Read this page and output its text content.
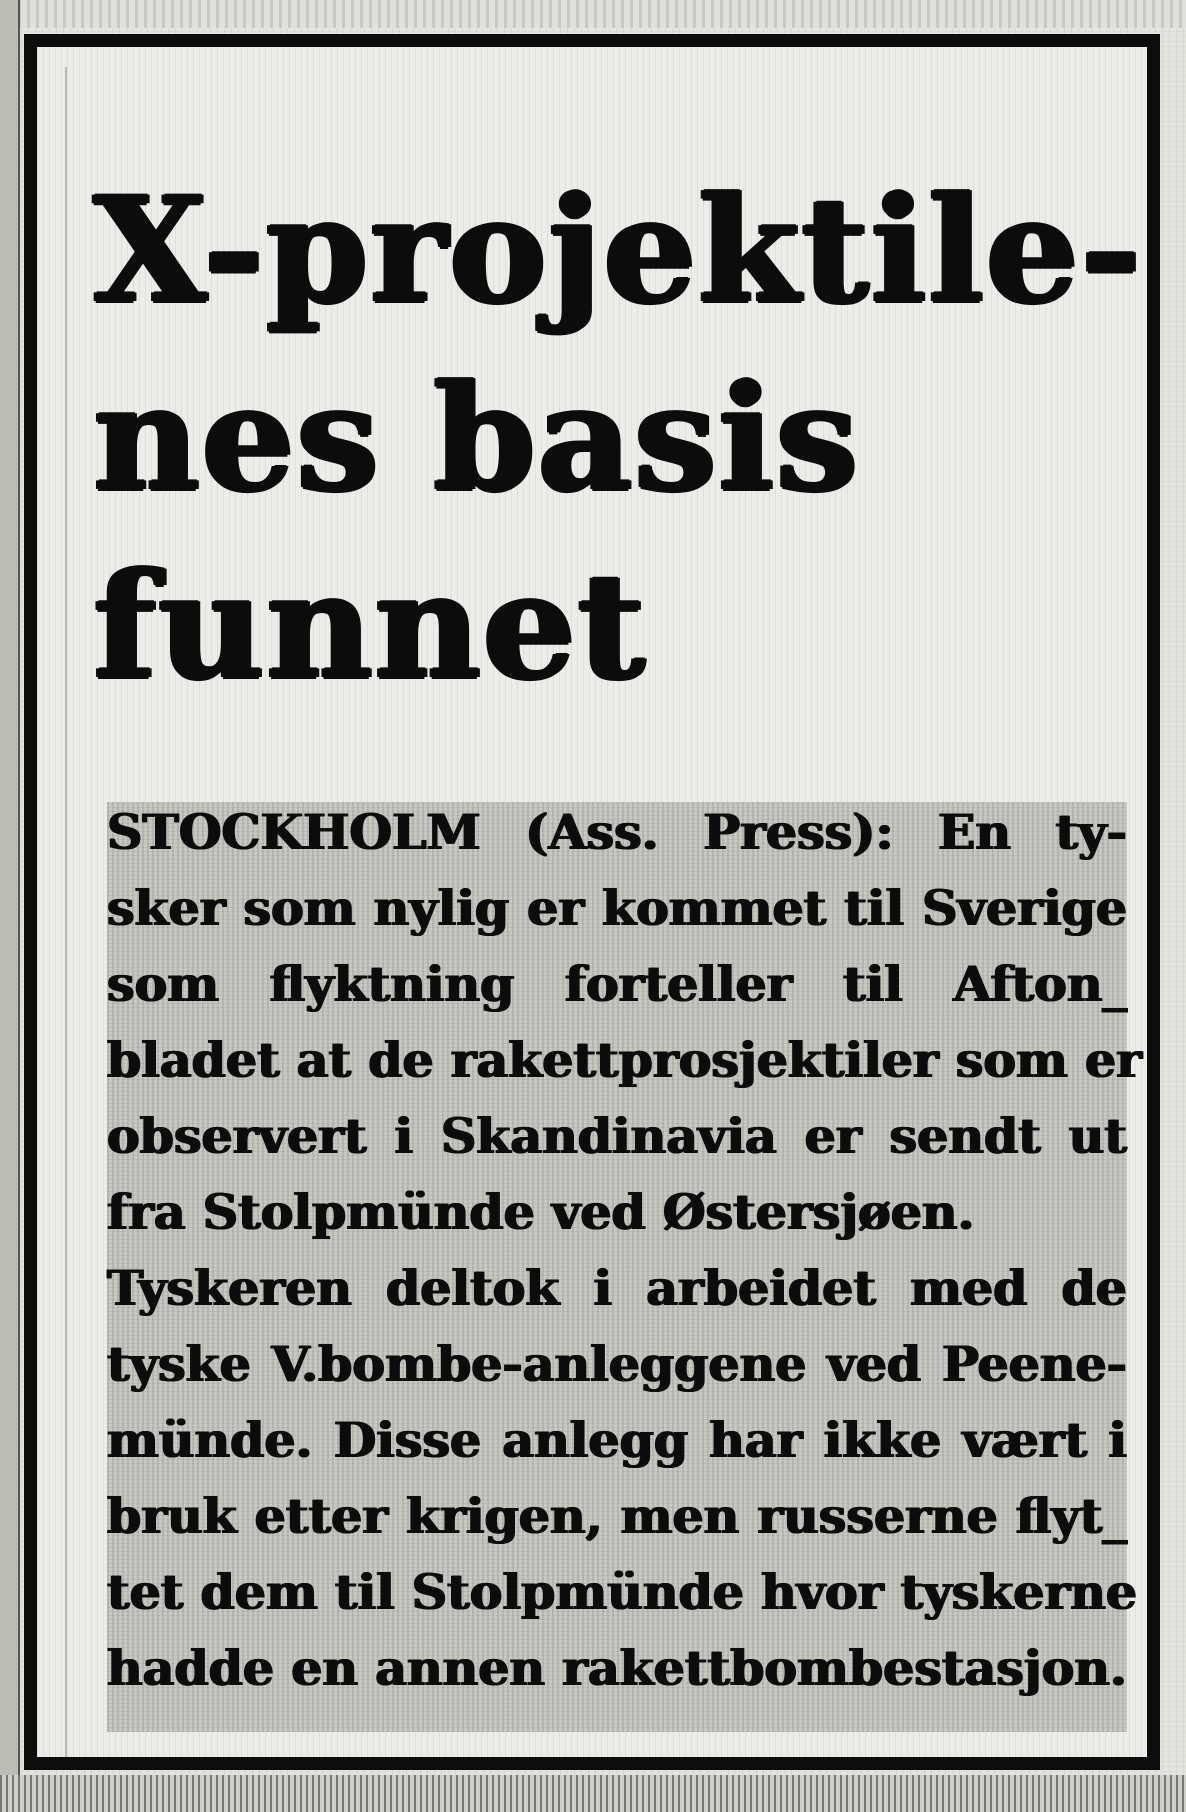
X-projektile-
nes basis
funnet

STOCKHOLM (Ass. Press): En ty-

sker som nylig er kommet til Sverige

som flyktning forteller til Afton_

bladet at de rakettprosjektiler som er

observert i Skandinavia er sendt ut

fra Stolpmünde ved Østersjøen.

Tyskeren deltok i arbeidet med de

tyske V.bombe-anleggene ved Peene-

münde. Disse anlegg har ikke vært i

bruk etter krigen, men russerne flyt_

tet dem til Stolpmünde hvor tyskerne

hadde en annen rakettbombestasjon.
